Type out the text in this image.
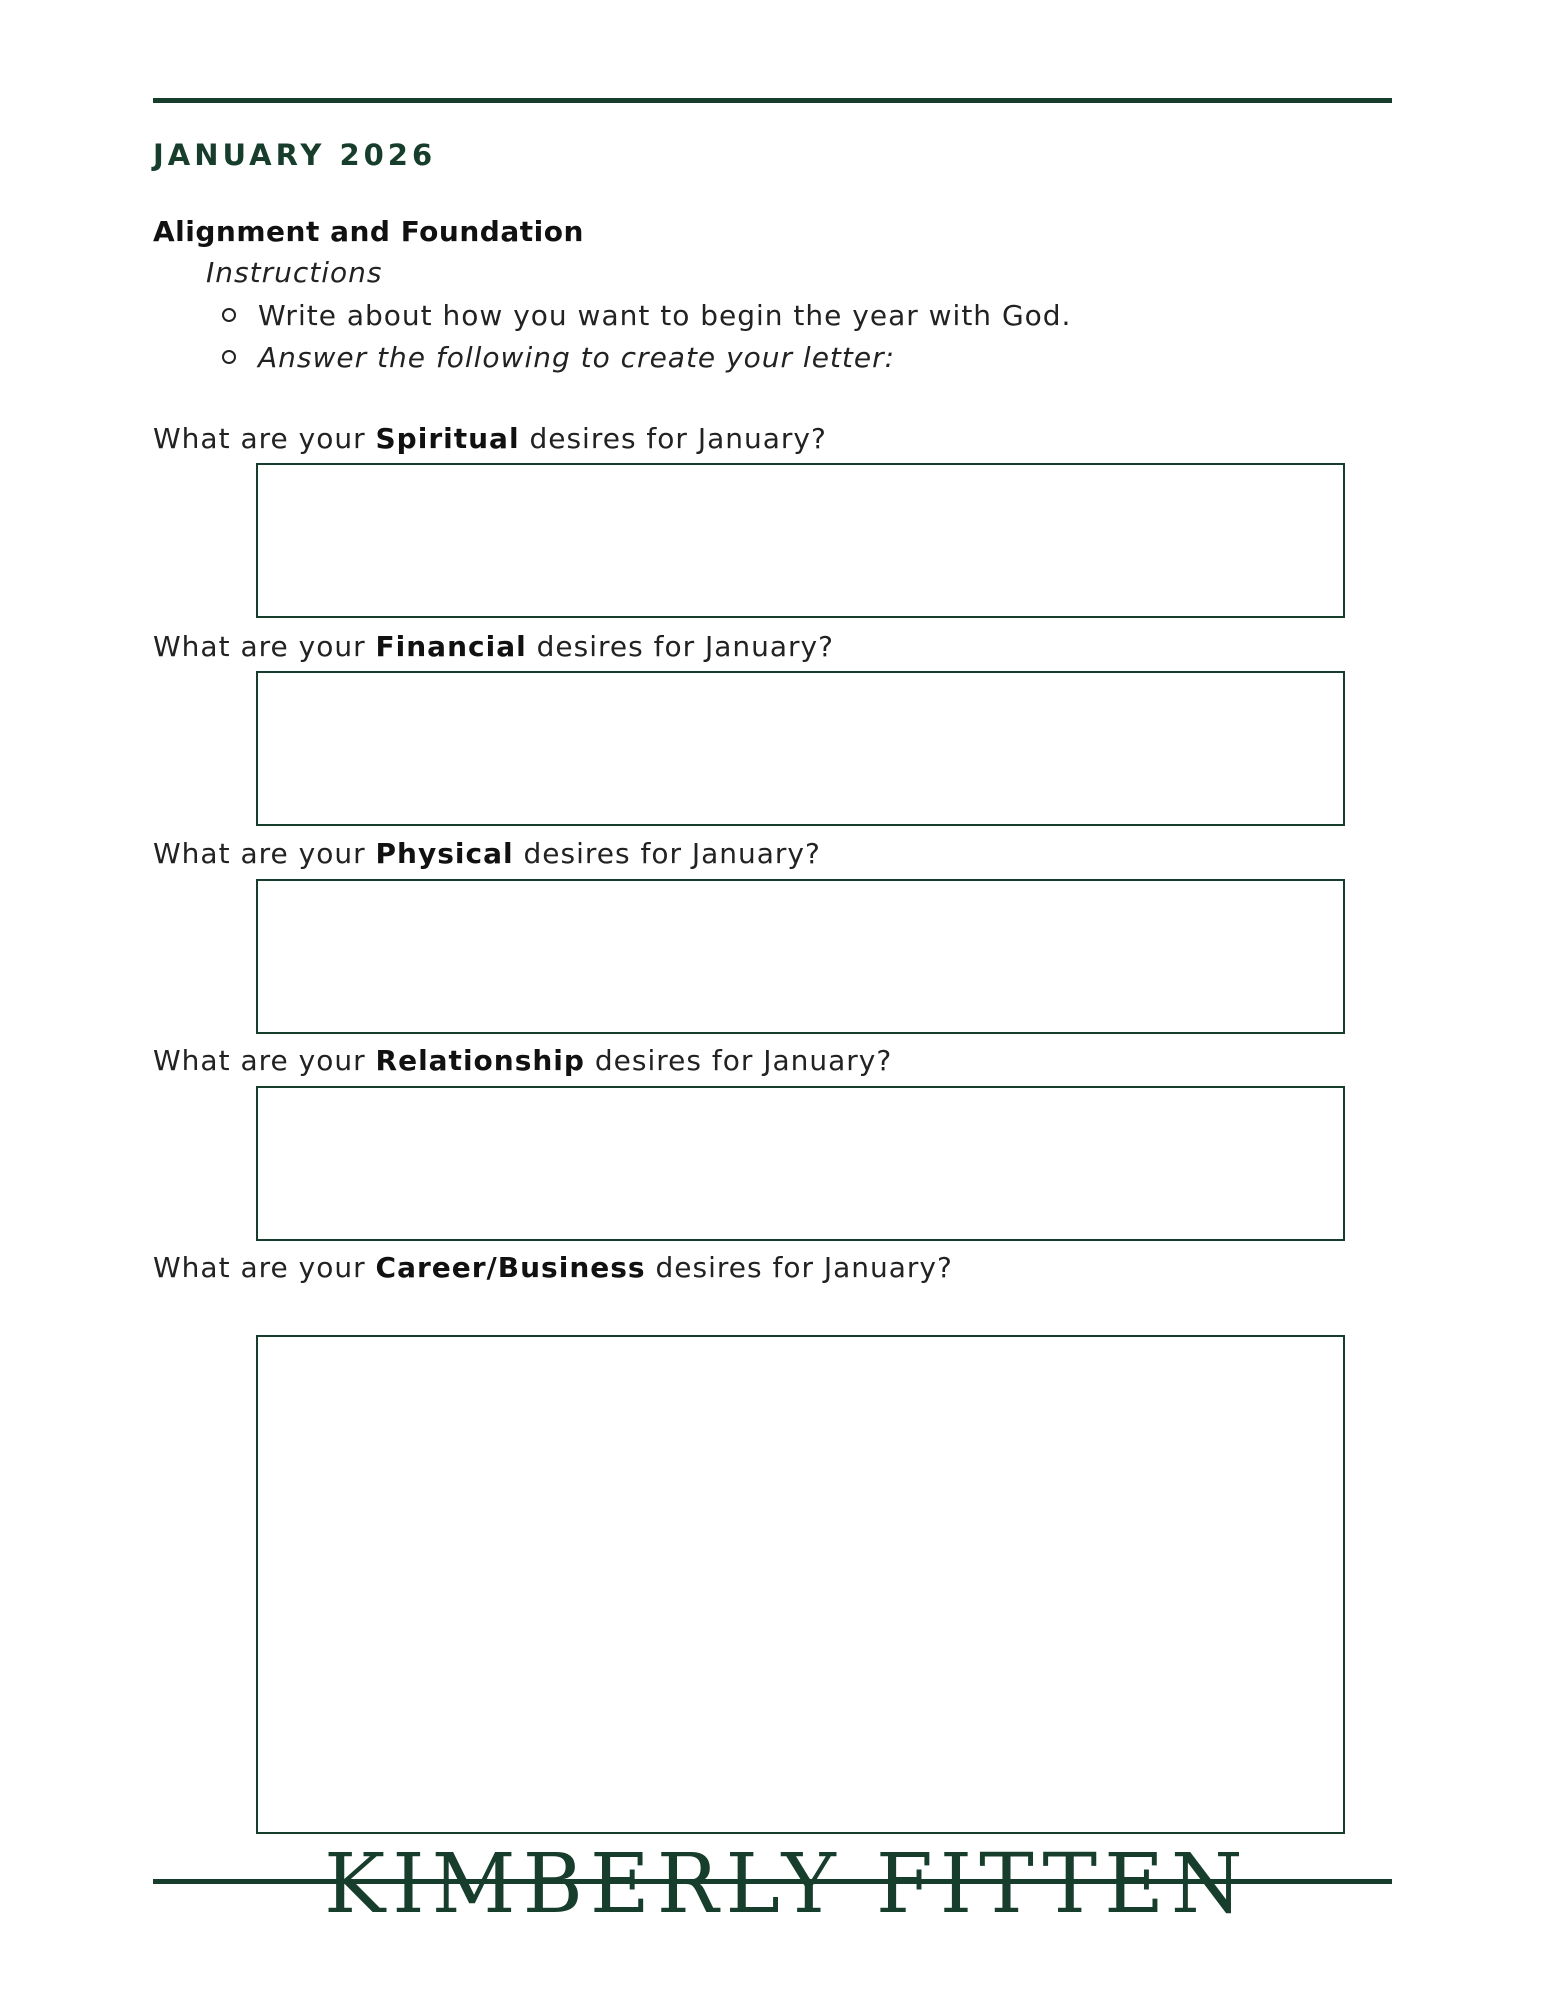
JANUARY 2026
Alignment and Foundation
Instructions
Write about how you want to begin the year with God.
Answer the following to create your letter:
What are your Spiritual desires for January?
What are your Financial desires for January?
What are your Physical desires for January?
What are your Relationship desires for January?
What are your Career/Business desires for January?
KIMBERLY FITTEN
